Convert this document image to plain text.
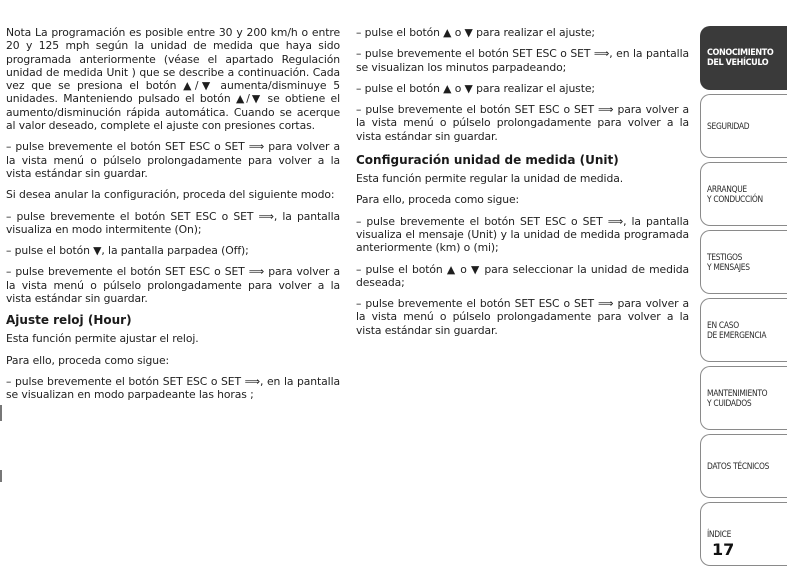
Nota La programación es posible entre 30 y 200 km/h o entre 20 y 125 mph según la unidad de medida que haya sido programada anteriormente (véase el apartado Regulación unidad de medida Unit ) que se describe a continuación. Cada vez que se presiona el botón ▲/▼ aumenta/disminuye 5 unidades. Manteniendo pulsado el botón ▲/▼ se obtiene el aumento/disminución rápida automática. Cuando se acerque al valor deseado, complete el ajuste con presiones cortas.

– pulse brevemente el botón SET ESC o SET ⟹ para volver a la vista menú o púlselo prolongadamente para volver a la vista estándar sin guardar.

Si desea anular la configuración, proceda del siguiente modo:

– pulse brevemente el botón SET ESC o SET ⟹, la pantalla visualiza en modo intermitente (On);

– pulse el botón ▼, la pantalla parpadea (Off);

– pulse brevemente el botón SET ESC o SET ⟹ para volver a la vista menú o púlselo prolongadamente para volver a la vista estándar sin guardar.

Ajuste reloj (Hour)

Esta función permite ajustar el reloj.

Para ello, proceda como sigue:

– pulse brevemente el botón SET ESC o SET ⟹, en la pantalla se visualizan en modo parpadeante las horas ;

– pulse el botón ▲ o ▼ para realizar el ajuste;

– pulse brevemente el botón SET ESC o SET ⟹, en la pantalla se visualizan los minutos parpadeando;

– pulse el botón ▲ o ▼ para realizar el ajuste;

– pulse brevemente el botón SET ESC o SET ⟹ para volver a la vista menú o púlselo prolongadamente para volver a la vista estándar sin guardar.

Configuración unidad de medida (Unit)

Esta función permite regular la unidad de medida.

Para ello, proceda como sigue:

– pulse brevemente el botón SET ESC o SET ⟹, la pantalla visualiza el mensaje (Unit) y la unidad de medida programada anteriormente (km) o (mi);

– pulse el botón ▲ o ▼ para seleccionar la unidad de medida deseada;

– pulse brevemente el botón SET ESC o SET ⟹ para volver a la vista menú o púlselo prolongadamente para volver a la vista estándar sin guardar.

CONOCIMIENTO
DEL VEHÍCULO
SEGURIDAD
ARRANQUE
Y CONDUCCIÓN
TESTIGOS
Y MENSAJES
EN CASO
DE EMERGENCIA
MANTENIMIENTO
Y CUIDADOS
DATOS TÉCNICOS
ÍNDICE
17
